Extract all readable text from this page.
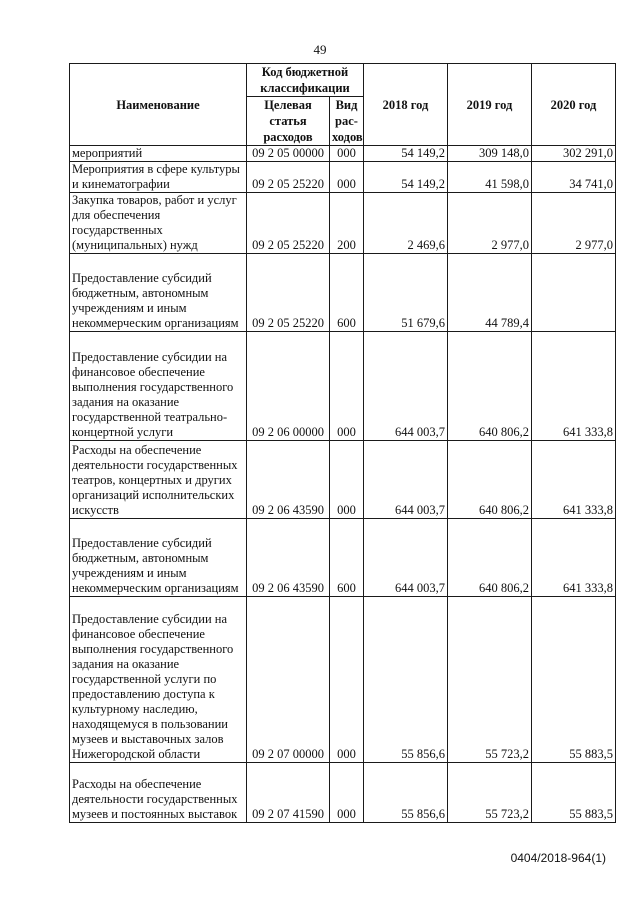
49
Наименование	Код бюджетной классификации		2018 год	2019 год	2020 год
	Целевая статья расходов	Вид рас-ходов			
мероприятий	09 2 05 00000	000	54 149,2	309 148,0	302 291,0
Мероприятия в сфере культуры и кинематографии	09 2 05 25220	000	54 149,2	41 598,0	34 741,0
Закупка товаров, работ и услуг для обеспечения государственных (муниципальных) нужд	09 2 05 25220	200	2 469,6	2 977,0	2 977,0
Предоставление субсидий бюджетным, автономным учреждениям и иным некоммерческим организациям	09 2 05 25220	600	51 679,6	44 789,4	
Предоставление субсидии на финансовое обеспечение выполнения государственного задания на оказание государственной театрально-концертной услуги	09 2 06 00000	000	644 003,7	640 806,2	641 333,8
Расходы на обеспечение деятельности государственных театров, концертных и других организаций исполнительских искусств	09 2 06 43590	000	644 003,7	640 806,2	641 333,8
Предоставление субсидий бюджетным, автономным учреждениям и иным некоммерческим организациям	09 2 06 43590	600	644 003,7	640 806,2	641 333,8
Предоставление субсидии на финансовое обеспечение выполнения государственного задания на оказание государственной услуги по предоставлению доступа к культурному наследию, находящемуся в пользовании музеев и выставочных залов Нижегородской области	09 2 07 00000	000	55 856,6	55 723,2	55 883,5
Расходы на обеспечение деятельности государственных музеев и постоянных выставок	09 2 07 41590	000	55 856,6	55 723,2	55 883,5
0404/2018-964(1)
